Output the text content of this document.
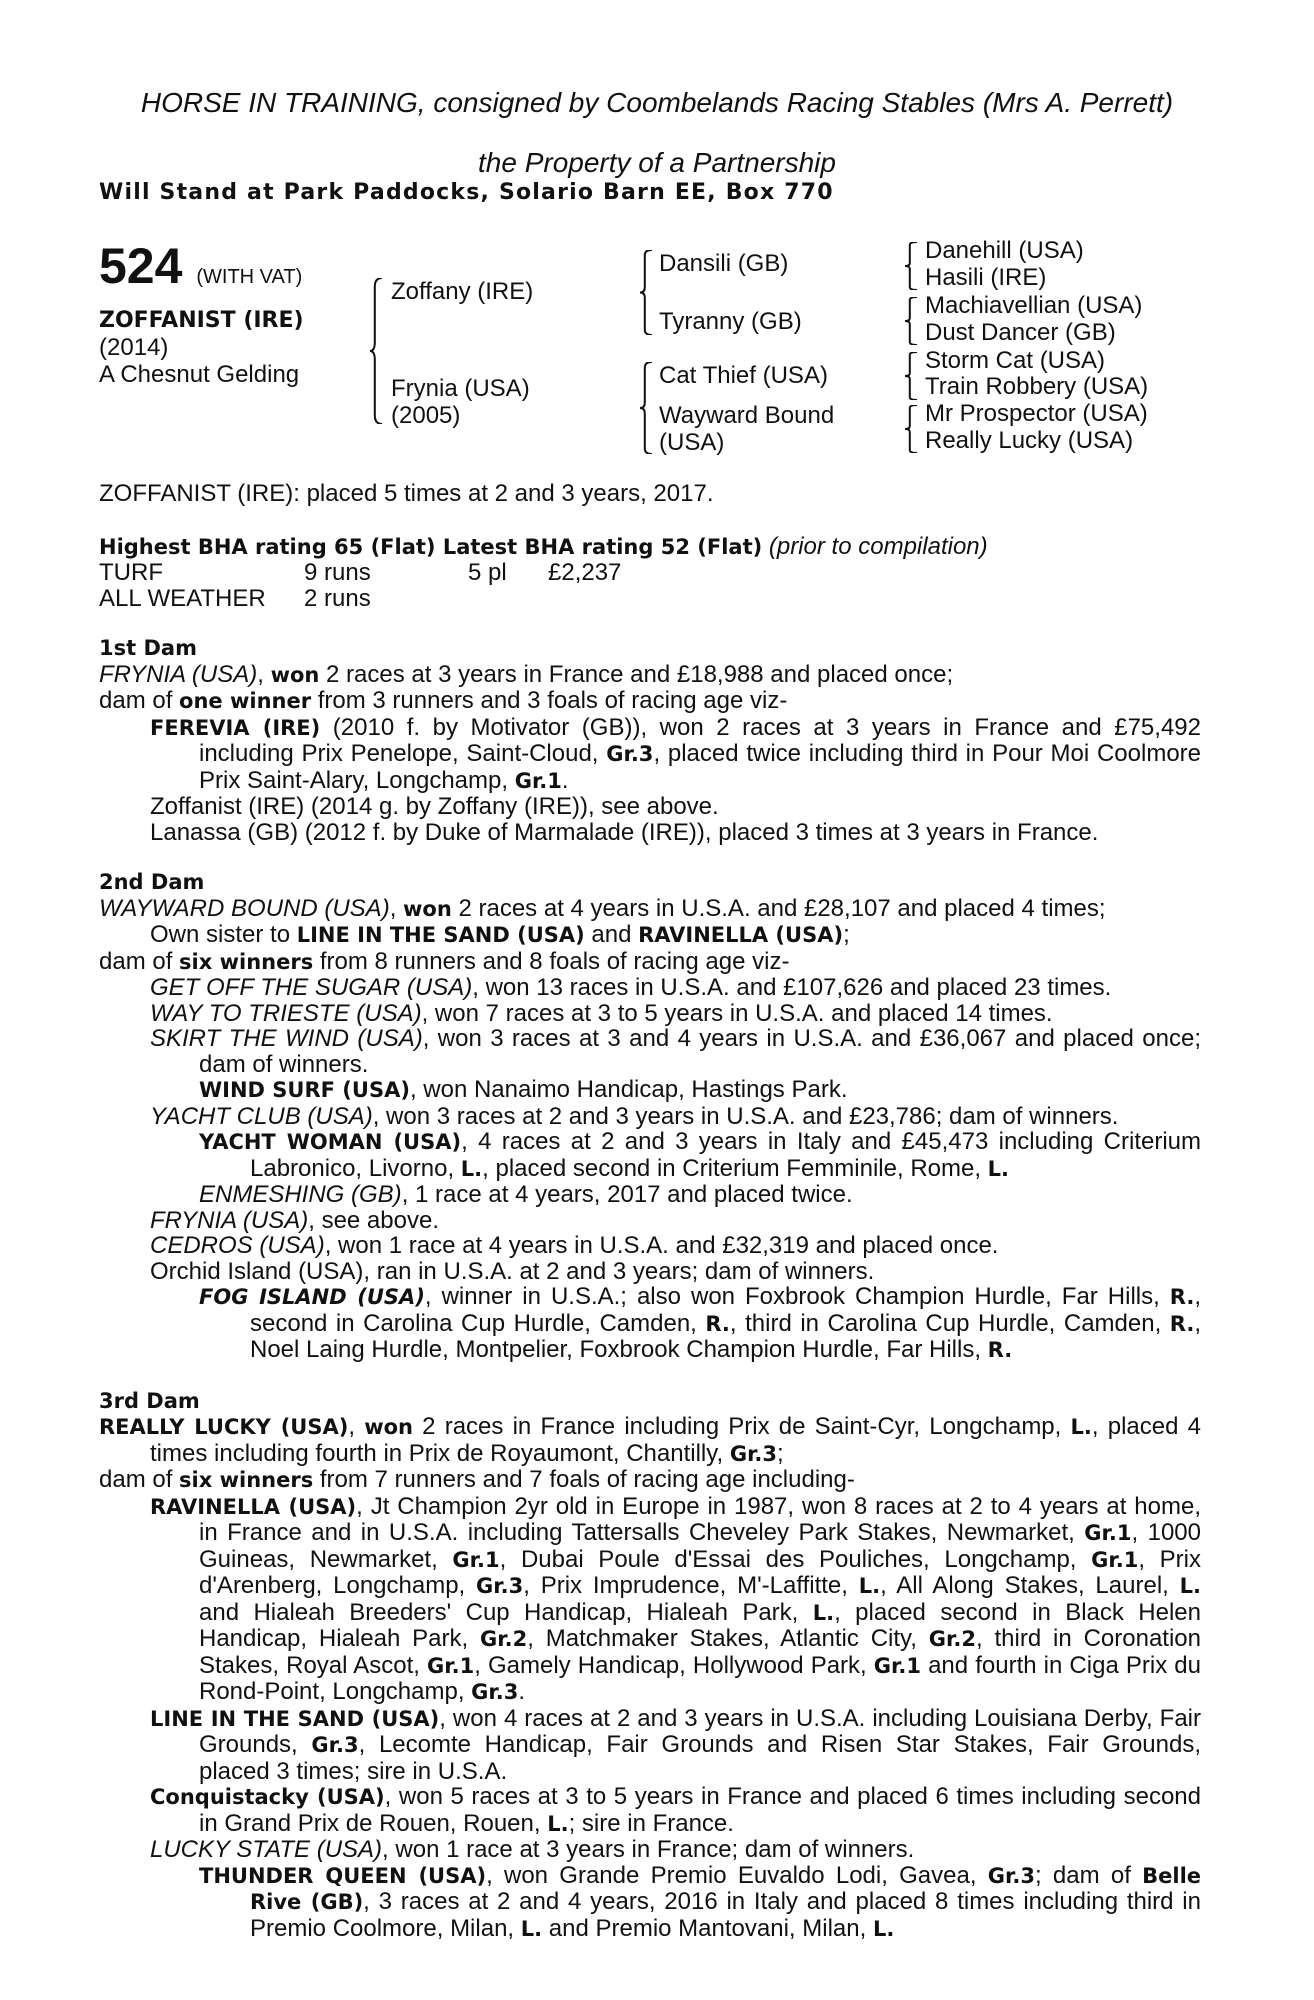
HORSE IN TRAINING, consigned by Coombelands Racing Stables (Mrs A. Perrett)
the Property of a Partnership
Will Stand at Park Paddocks, Solario Barn EE, Box 770
524 (WITH VAT)
ZOFFANIST (IRE)
(2014)
A Chesnut Gelding
Zoffany (IRE)
Frynia (USA)
(2005)
Dansili (GB)
Tyranny (GB)
Cat Thief (USA)
Wayward Bound
(USA)
Danehill (USA)
Hasili (IRE)
Machiavellian (USA)
Dust Dancer (GB)
Storm Cat (USA)
Train Robbery (USA)
Mr Prospector (USA)
Really Lucky (USA)

ZOFFANIST (IRE): placed 5 times at 2 and 3 years, 2017.

Highest BHA rating 65 (Flat) Latest BHA rating 52 (Flat) (prior to compilation)

TURF	9 runs	5 pl £2,237
ALL WEATHER 2 runs
1st Dam

FRYNIA (USA), won 2 races at 3 years in France and £18,988 and placed once;

dam of one winner from 3 runners and 3 foals of racing age viz-

FEREVIA (IRE) (2010 f. by Motivator (GB)), won 2 races at 3 years in France and £75,492 including Prix Penelope, Saint-Cloud, Gr.3, placed twice including third in Pour Moi Coolmore Prix Saint-Alary, Longchamp, Gr.1.

Zoffanist (IRE) (2014 g. by Zoffany (IRE)), see above.

Lanassa (GB) (2012 f. by Duke of Marmalade (IRE)), placed 3 times at 3 years in France.

2nd Dam

WAYWARD BOUND (USA), won 2 races at 4 years in U.S.A. and £28,107 and placed 4 times;
Own sister to LINE IN THE SAND (USA) and RAVINELLA (USA);

dam of six winners from 8 runners and 8 foals of racing age viz-

GET OFF THE SUGAR (USA), won 13 races in U.S.A. and £107,626 and placed 23 times.

WAY TO TRIESTE (USA), won 7 races at 3 to 5 years in U.S.A. and placed 14 times.

SKIRT THE WIND (USA), won 3 races at 3 and 4 years in U.S.A. and £36,067 and placed once; dam of winners.

WIND SURF (USA), won Nanaimo Handicap, Hastings Park.

YACHT CLUB (USA), won 3 races at 2 and 3 years in U.S.A. and £23,786; dam of winners.

YACHT WOMAN (USA), 4 races at 2 and 3 years in Italy and £45,473 including Criterium Labronico, Livorno, L., placed second in Criterium Femminile, Rome, L.

ENMESHING (GB), 1 race at 4 years, 2017 and placed twice.

FRYNIA (USA), see above.

CEDROS (USA), won 1 race at 4 years in U.S.A. and £32,319 and placed once.

Orchid Island (USA), ran in U.S.A. at 2 and 3 years; dam of winners.

FOG ISLAND (USA), winner in U.S.A.; also won Foxbrook Champion Hurdle, Far Hills, R., second in Carolina Cup Hurdle, Camden, R., third in Carolina Cup Hurdle, Camden, R., Noel Laing Hurdle, Montpelier, Foxbrook Champion Hurdle, Far Hills, R.

3rd Dam

REALLY LUCKY (USA), won 2 races in France including Prix de Saint-Cyr, Longchamp, L., placed 4 times including fourth in Prix de Royaumont, Chantilly, Gr.3;

dam of six winners from 7 runners and 7 foals of racing age including-

RAVINELLA (USA), Jt Champion 2yr old in Europe in 1987, won 8 races at 2 to 4 years at home, in France and in U.S.A. including Tattersalls Cheveley Park Stakes, Newmarket, Gr.1, 1000 Guineas, Newmarket, Gr.1, Dubai Poule d'Essai des Pouliches, Longchamp, Gr.1, Prix d'Arenberg, Longchamp, Gr.3, Prix Imprudence, M'-Laffitte, L., All Along Stakes, Laurel, L. and Hialeah Breeders' Cup Handicap, Hialeah Park, L., placed second in Black Helen Handicap, Hialeah Park, Gr.2, Matchmaker Stakes, Atlantic City, Gr.2, third in Coronation Stakes, Royal Ascot, Gr.1, Gamely Handicap, Hollywood Park, Gr.1 and fourth in Ciga Prix du Rond-Point, Longchamp, Gr.3.

LINE IN THE SAND (USA), won 4 races at 2 and 3 years in U.S.A. including Louisiana Derby, Fair Grounds, Gr.3, Lecomte Handicap, Fair Grounds and Risen Star Stakes, Fair Grounds, placed 3 times; sire in U.S.A.

Conquistacky (USA), won 5 races at 3 to 5 years in France and placed 6 times including second in Grand Prix de Rouen, Rouen, L.; sire in France.

LUCKY STATE (USA), won 1 race at 3 years in France; dam of winners.

THUNDER QUEEN (USA), won Grande Premio Euvaldo Lodi, Gavea, Gr.3; dam of Belle Rive (GB), 3 races at 2 and 4 years, 2016 in Italy and placed 8 times including third in Premio Coolmore, Milan, L. and Premio Mantovani, Milan, L.
